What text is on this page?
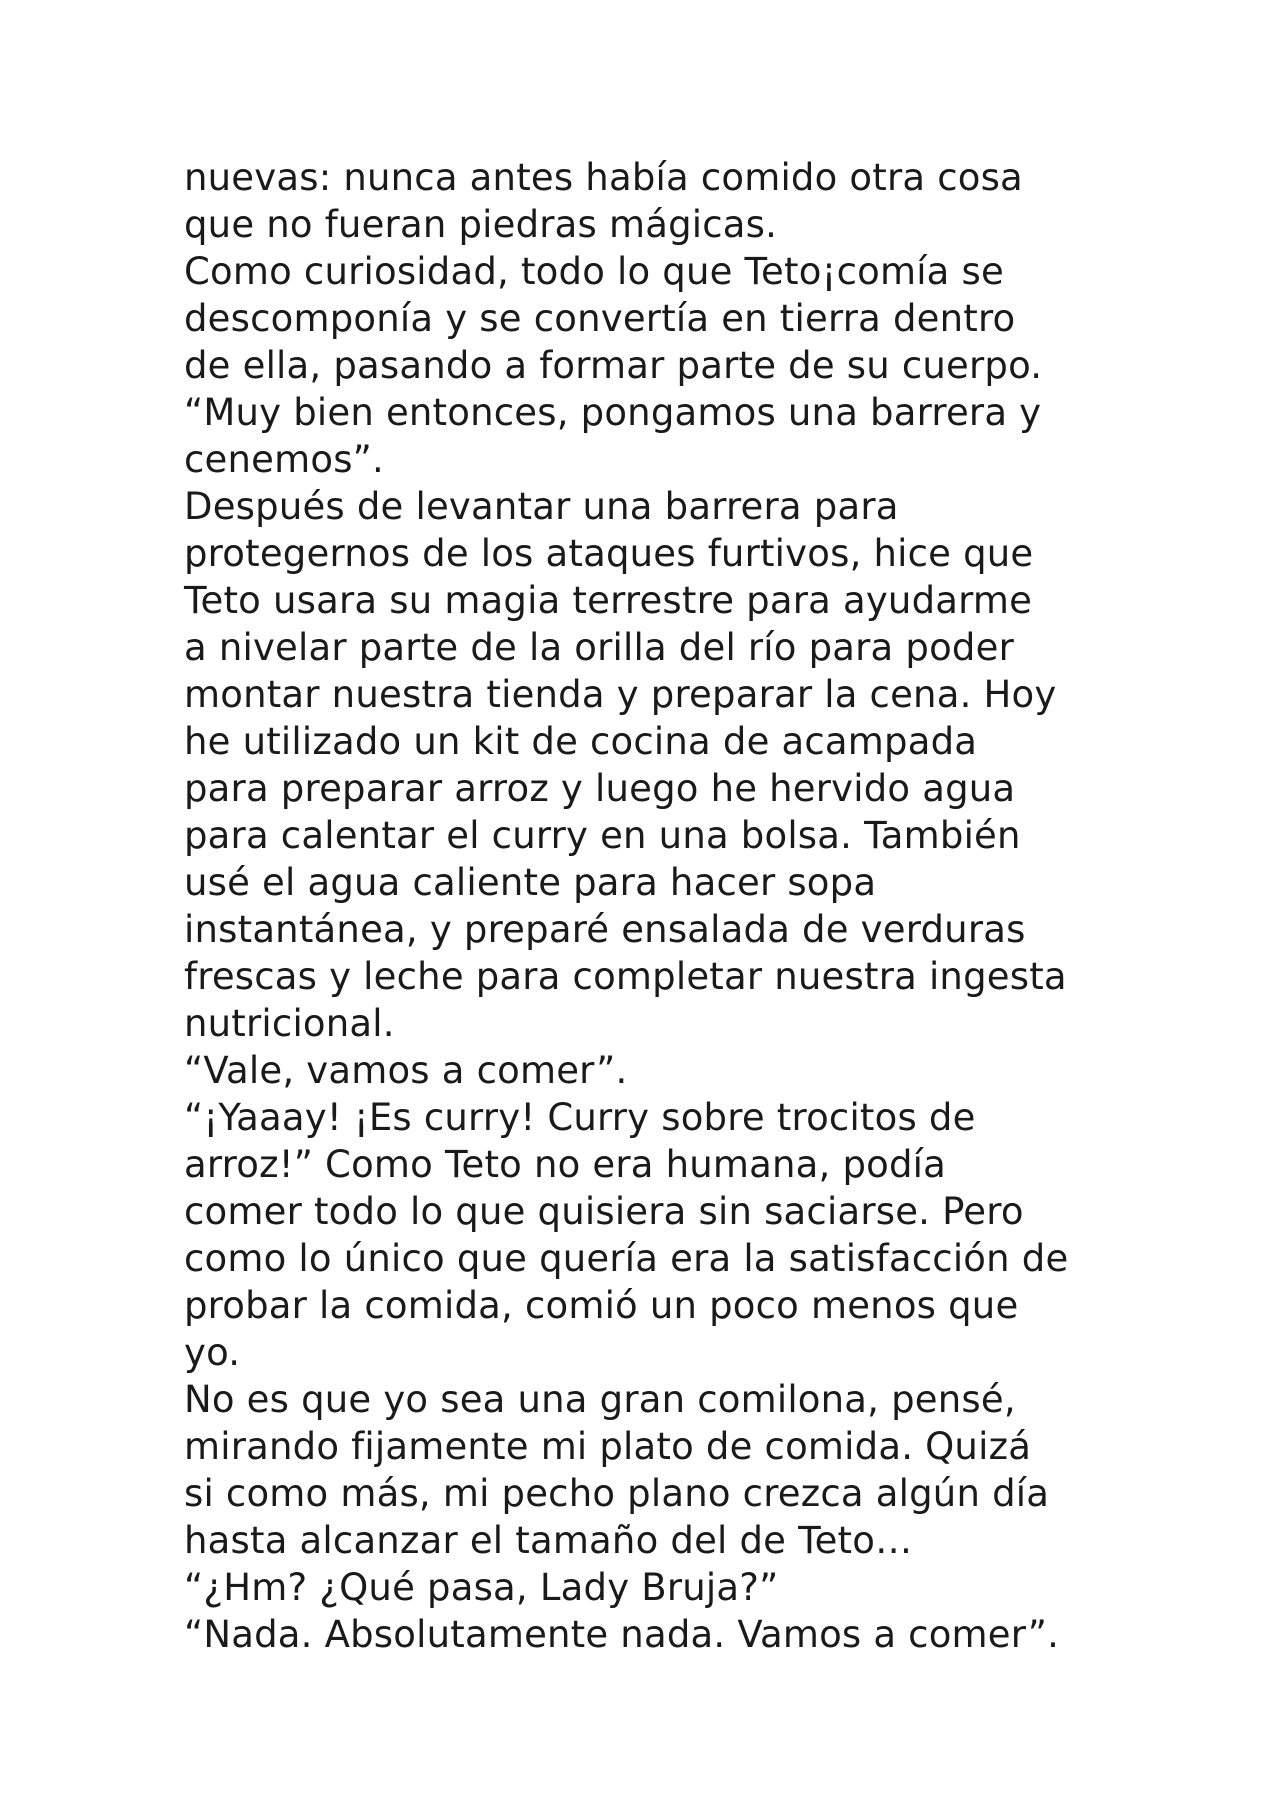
nuevas: nunca antes había comido otra cosa
que no fueran piedras mágicas.
Como curiosidad, todo lo que Teto¡comía se
descomponía y se convertía en tierra dentro
de ella, pasando a formar parte de su cuerpo.
“Muy bien entonces, pongamos una barrera y
cenemos”.
Después de levantar una barrera para
protegernos de los ataques furtivos, hice que
Teto usara su magia terrestre para ayudarme
a nivelar parte de la orilla del río para poder
montar nuestra tienda y preparar la cena. Hoy
he utilizado un kit de cocina de acampada
para preparar arroz y luego he hervido agua
para calentar el curry en una bolsa. También
usé el agua caliente para hacer sopa
instantánea, y preparé ensalada de verduras
frescas y leche para completar nuestra ingesta
nutricional.
“Vale, vamos a comer”.
“¡Yaaay! ¡Es curry! Curry sobre trocitos de
arroz!” Como Teto no era humana, podía
comer todo lo que quisiera sin saciarse. Pero
como lo único que quería era la satisfacción de
probar la comida, comió un poco menos que
yo.
No es que yo sea una gran comilona, pensé,
mirando fijamente mi plato de comida. Quizá
si como más, mi pecho plano crezca algún día
hasta alcanzar el tamaño del de Teto…
“¿Hm? ¿Qué pasa, Lady Bruja?”
“Nada. Absolutamente nada. Vamos a comer”.
